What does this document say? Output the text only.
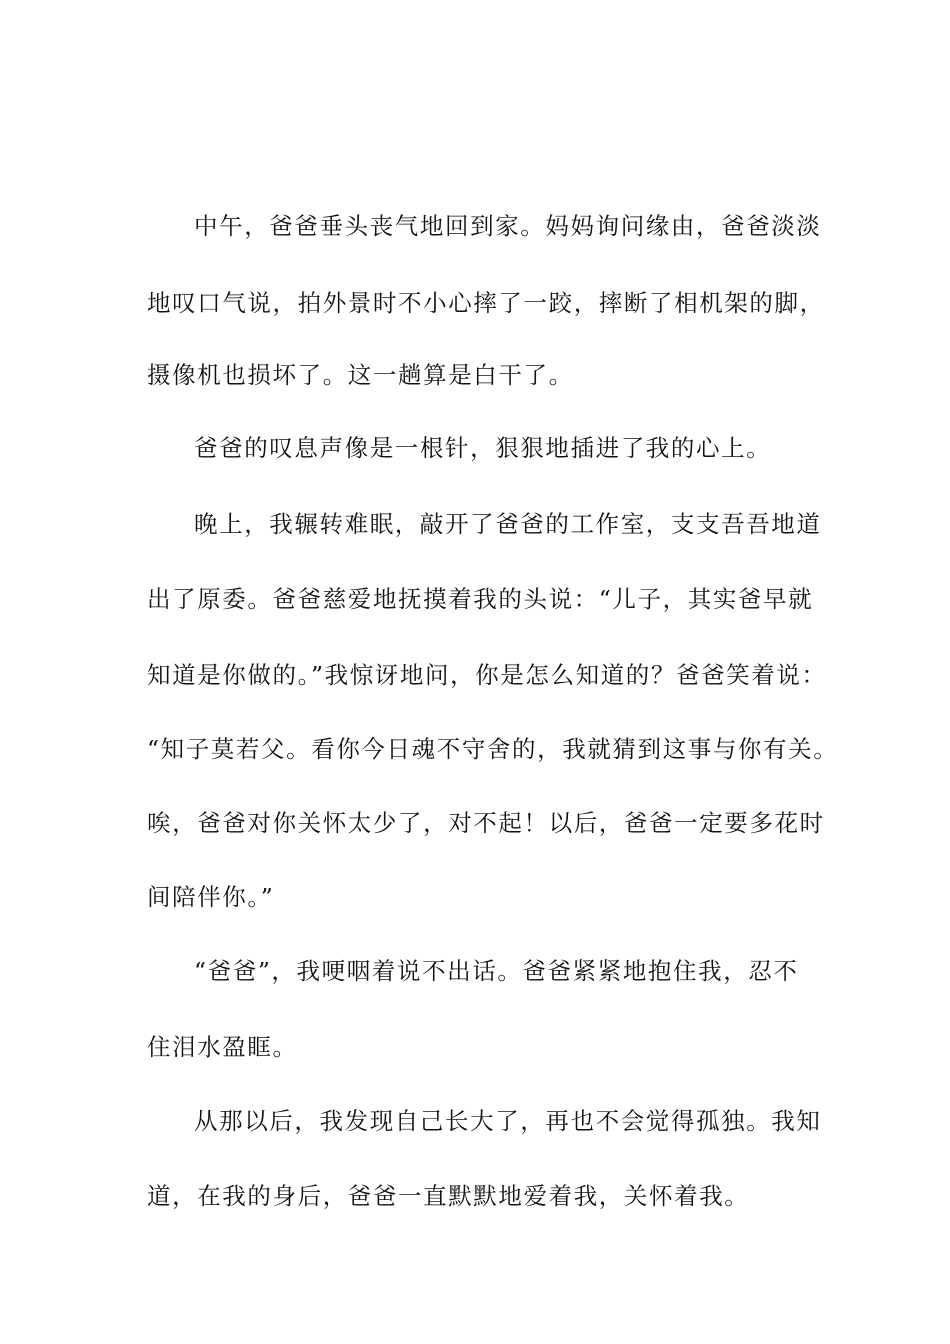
中午，爸爸垂头丧气地回到家。妈妈询问缘由，爸爸淡淡
地叹口气说，拍外景时不小心摔了一跤，摔断了相机架的脚，
摄像机也损坏了。这一趟算是白干了。
爸爸的叹息声像是一根针，狠狠地插进了我的心上。
晚上，我辗转难眠，敲开了爸爸的工作室，支支吾吾地道
出了原委。爸爸慈爱地抚摸着我的头说：“儿子，其实爸早就
知道是你做的。”我惊讶地问，你是怎么知道的？爸爸笑着说：
“知子莫若父。看你今日魂不守舍的，我就猜到这事与你有关。
唉，爸爸对你关怀太少了，对不起！以后，爸爸一定要多花时
间陪伴你。”
“爸爸”，我哽咽着说不出话。爸爸紧紧地抱住我，忍不
住泪水盈眶。
从那以后，我发现自己长大了，再也不会觉得孤独。我知
道，在我的身后，爸爸一直默默地爱着我，关怀着我。
